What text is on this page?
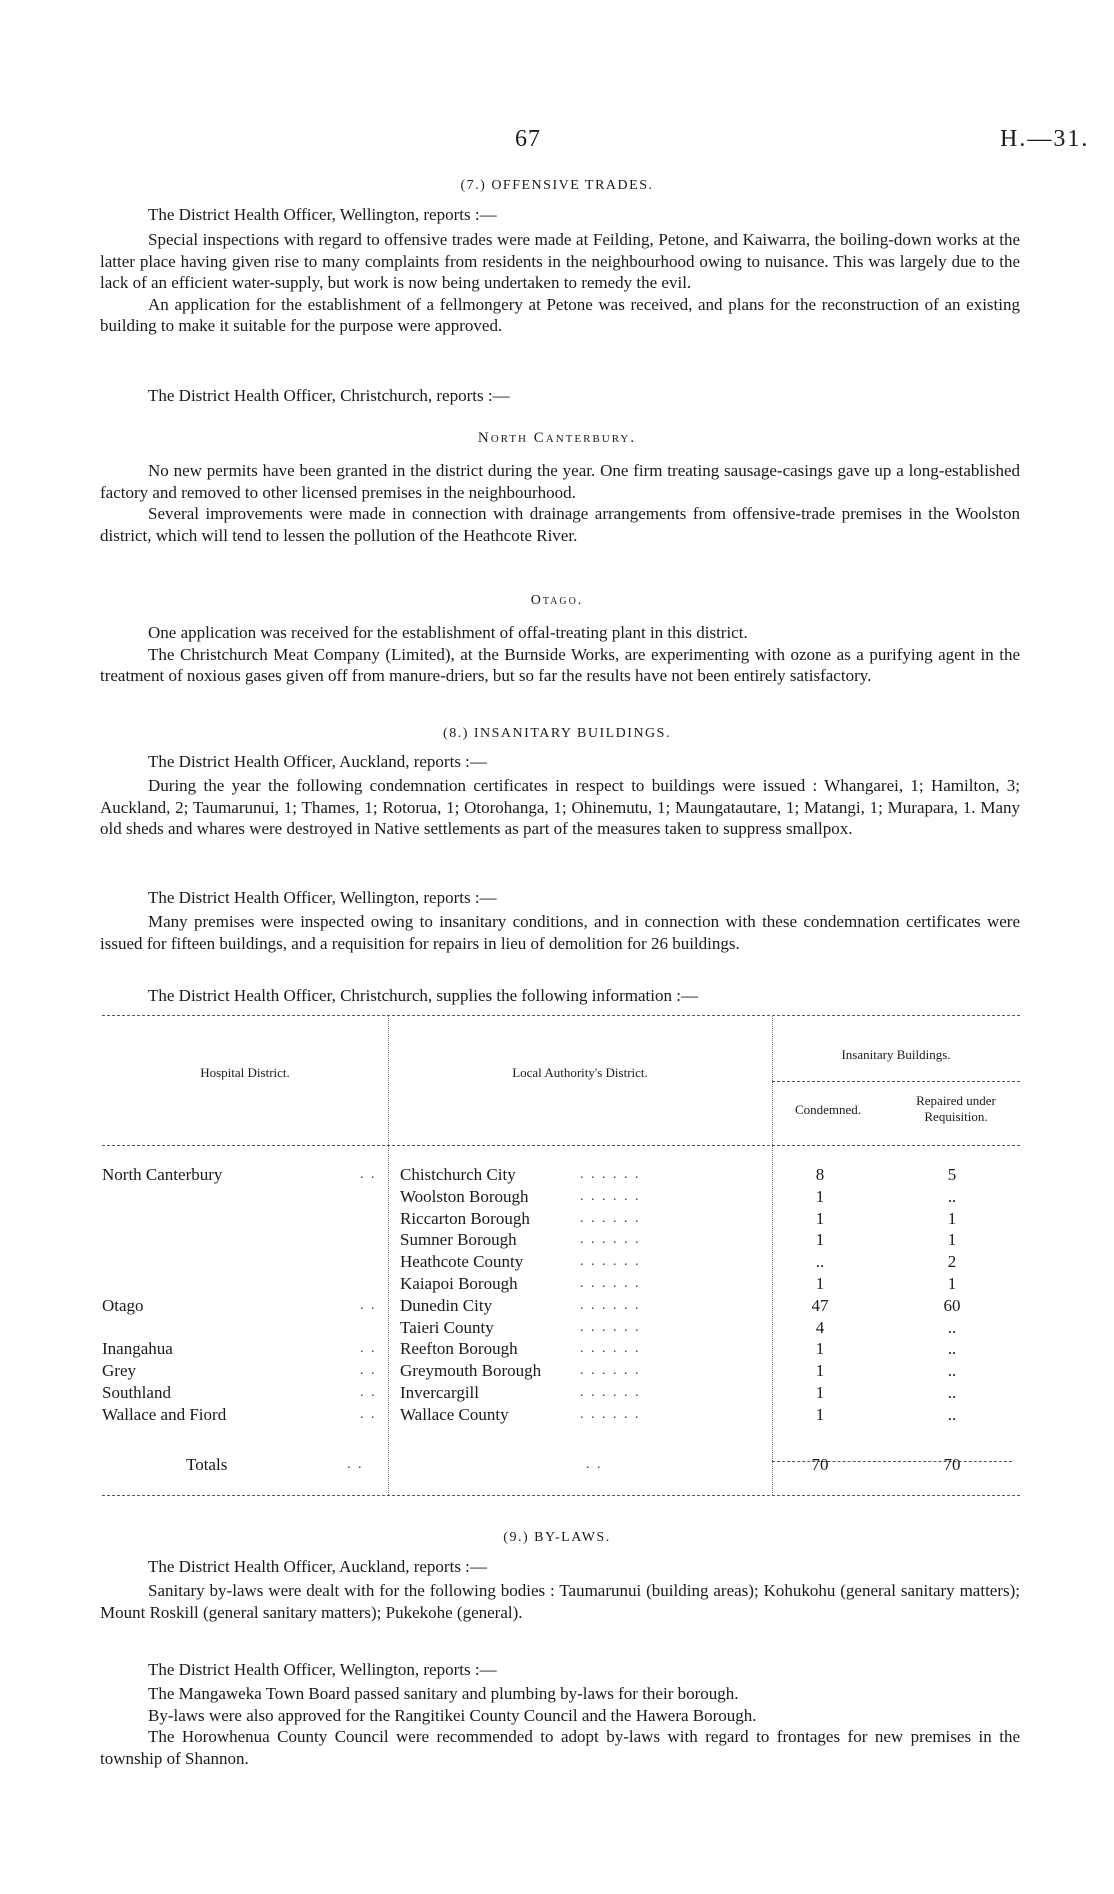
67	H.—31.
(7.) OFFENSIVE TRADES.
The District Health Officer, Wellington, reports :—

Special inspections with regard to offensive trades were made at Feilding, Petone, and Kaiwarra, the boiling-down works at the latter place having given rise to many complaints from residents in the neighbourhood owing to nuisance. This was largely due to the lack of an efficient water-supply, but work is now being undertaken to remedy the evil.

An application for the establishment of a fellmongery at Petone was received, and plans for the reconstruction of an existing building to make it suitable for the purpose were approved.

The District Health Officer, Christchurch, reports :—
North Canterbury.

No new permits have been granted in the district during the year. One firm treating sausage-casings gave up a long-established factory and removed to other licensed premises in the neighbourhood.

Several improvements were made in connection with drainage arrangements from offensive-trade premises in the Woolston district, which will tend to lessen the pollution of the Heathcote River.

Otago.

One application was received for the establishment of offal-treating plant in this district.

The Christchurch Meat Company (Limited), at the Burnside Works, are experimenting with ozone as a purifying agent in the treatment of noxious gases given off from manure-driers, but so far the results have not been entirely satisfactory.

(8.) INSANITARY BUILDINGS.
The District Health Officer, Auckland, reports :—

During the year the following condemnation certificates in respect to buildings were issued : Whangarei, 1; Hamilton, 3; Auckland, 2; Taumarunui, 1; Thames, 1; Rotorua, 1; Otorohanga, 1; Ohinemutu, 1; Maungatautare, 1; Matangi, 1; Murapara, 1. Many old sheds and whares were destroyed in Native settlements as part of the measures taken to suppress smallpox.

The District Health Officer, Wellington, reports :—

Many premises were inspected owing to insanitary conditions, and in connection with these condemnation certificates were issued for fifteen buildings, and a requisition for repairs in lieu of demolition for 26 buildings.

The District Health Officer, Christchurch, supplies the following information :—
Hospital District.	Local Authority's District.
Insanitary Buildings.
Condemned.
Repaired under Requisition.
North Canterbury	. . Chistchurch City	. . . . . .	8	5
Woolston Borough	. . . . . .	1	..
Riccarton Borough	. . . . . .	1	1
Sumner Borough	. . . . . .	1	1
Heathcote County	. . . . . .	..	2
Kaiapoi Borough	. . . . . .	1	1
Otago	. . Dunedin City	. . . . . .	47	60
Taieri County	. . . . . .	4	..
Inangahua	. . Reefton Borough	. . . . . .	1	..
Grey	. . Greymouth Borough	. . . . . .	1	..
Southland	. . Invercargill	. . . . . .	1	..
Wallace and Fiord	. . Wallace County	. . . . . .	1	..
Totals	. .	. .	70	70
(9.) BY-LAWS.
The District Health Officer, Auckland, reports :—

Sanitary by-laws were dealt with for the following bodies : Taumarunui (building areas); Kohukohu (general sanitary matters); Mount Roskill (general sanitary matters); Pukekohe (general).

The District Health Officer, Wellington, reports :—

The Mangaweka Town Board passed sanitary and plumbing by-laws for their borough.

By-laws were also approved for the Rangitikei County Council and the Hawera Borough.

The Horowhenua County Council were recommended to adopt by-laws with regard to frontages for new premises in the township of Shannon.
